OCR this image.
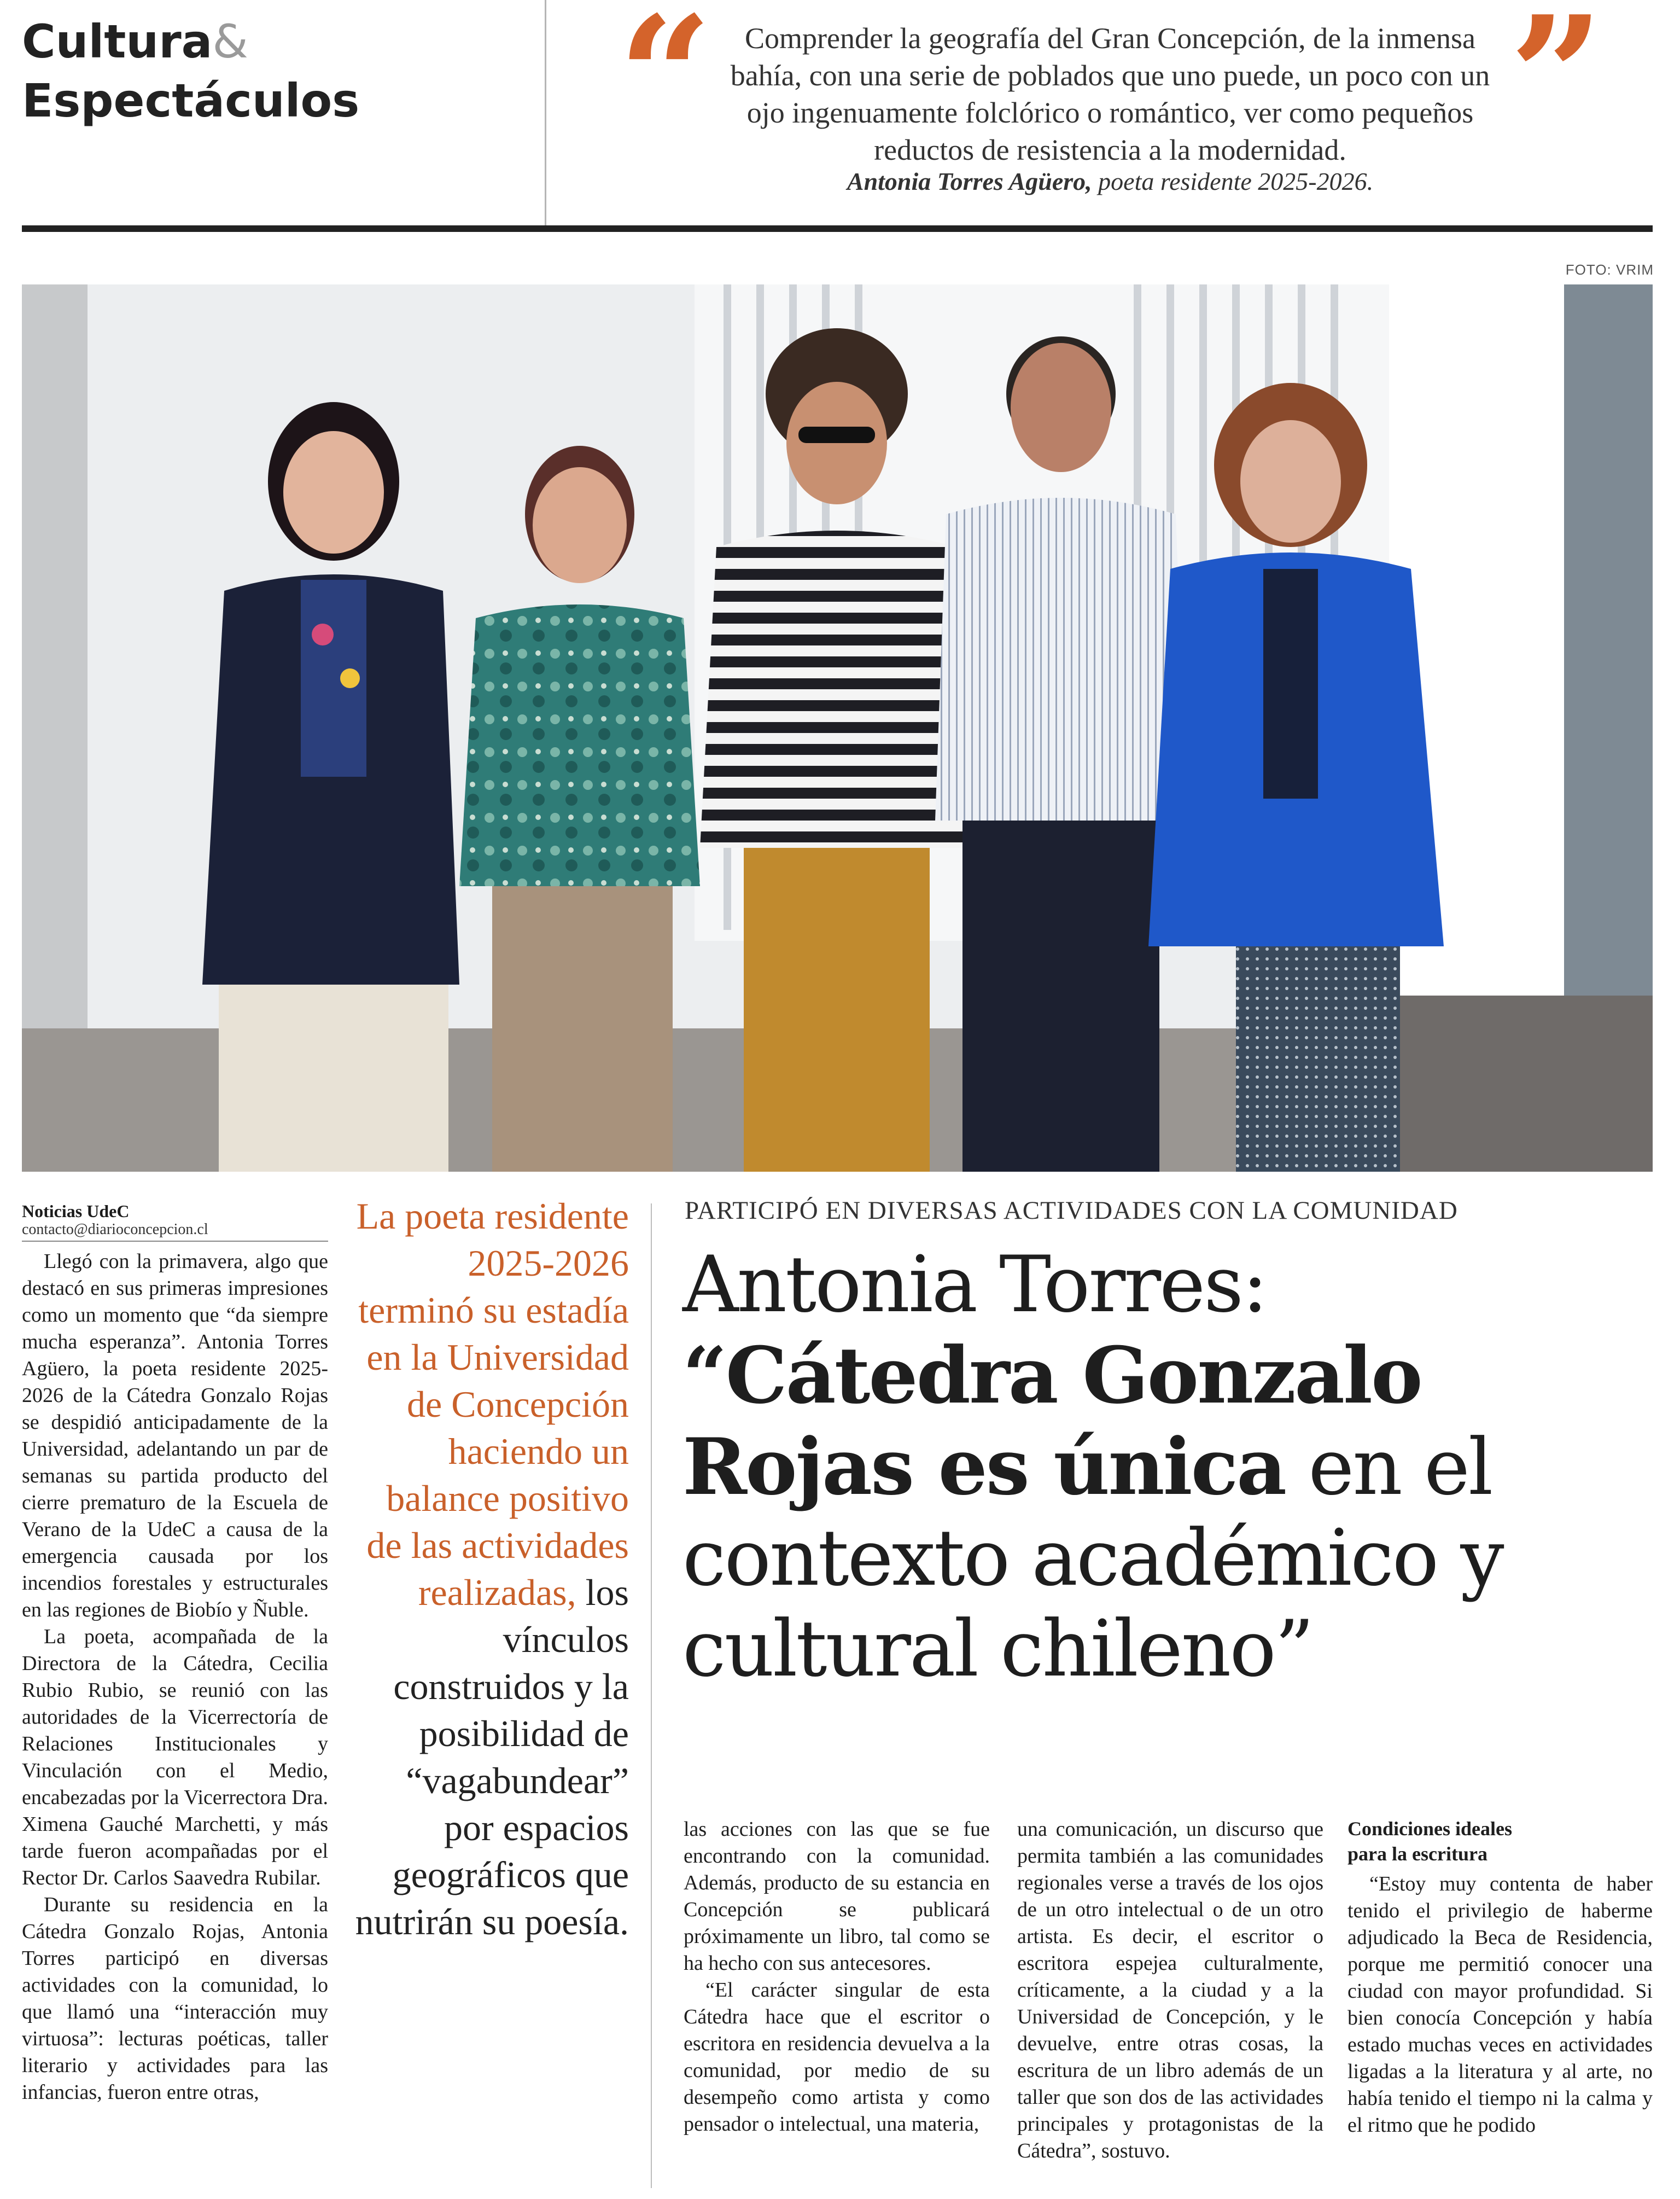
Cultura&
Espectáculos “	Comprender la geografía del Gran Concepción, de la inmensa bahía, con una serie de poblados que uno puede, un poco con un ojo ingenuamente folclórico o romántico, ver como pequeños reductos de resistencia a la modernidad.
Antonia Torres Agüero, poeta residente 2025-2026.
”
FOTO: VRIM
Noticias UdeC
contacto@diarioconcepcion.cl

Llegó con la primavera, algo que destacó en sus primeras impresiones como un momento que “da siempre mucha esperanza”. Antonia Torres Agüero, la poeta residente 2025-2026 de la Cátedra Gonzalo Rojas se despidió anticipadamente de la Universidad, adelantando un par de semanas su partida producto del cierre prematuro de la Escuela de Verano de la UdeC a causa de la emergencia causada por los incendios forestales y estructurales en las regiones de Biobío y Ñuble.

La poeta, acompañada de la Directora de la Cátedra, Cecilia Rubio Rubio, se reunió con las autoridades de la Vicerrectoría de Relaciones Institucionales y Vinculación con el Medio, encabezadas por la Vicerrectora Dra. Ximena Gauché Marchetti, y más tarde fueron acompañadas por el Rector Dr. Carlos Saavedra Rubilar.

Durante su residencia en la Cátedra Gonzalo Rojas, Antonia Torres participó en diversas actividades con la comunidad, lo que llamó una “interacción muy virtuosa”: lecturas poéticas, taller literario y actividades para las infancias, fueron entre otras,

La poeta residente 2025-2026 terminó su estadía en la Universidad de Concepción haciendo un balance positivo de las actividades realizadas, los vínculos construidos y la posibilidad de “vagabundear” por espacios geográficos que nutrirán su poesía.
PARTICIPÓ EN DIVERSAS ACTIVIDADES CON LA COMUNIDAD
Antonia Torres:
“Cátedra Gonzalo Rojas es única en el contexto académico y cultural chileno”

las acciones con las que se fue encontrando con la comunidad. Además, producto de su estancia en Concepción se publicará próximamente un libro, tal como se ha hecho con sus antecesores.

“El carácter singular de esta Cátedra hace que el escritor o escritora en residencia devuelva a la comunidad, por medio de su desempeño como artista y como pensador o intelectual, una materia,

una comunicación, un discurso que permita también a las comunidades regionales verse a través de los ojos de un otro intelectual o de un otro artista. Es decir, el escritor o escritora espejea culturalmente, críticamente, a la ciudad y a la Universidad de Concepción, y le devuelve, entre otras cosas, la escritura de un libro además de un taller que son dos de las actividades principales y protagonistas de la Cátedra”, sostuvo.

Condiciones ideales
para la escritura

“Estoy muy contenta de haber tenido el privilegio de haberme adjudicado la Beca de Residencia, porque me permitió conocer una ciudad con mayor profundidad. Si bien conocía Concepción y había estado muchas veces en actividades ligadas a la literatura y al arte, no había tenido el tiempo ni la calma y el ritmo que he podido
